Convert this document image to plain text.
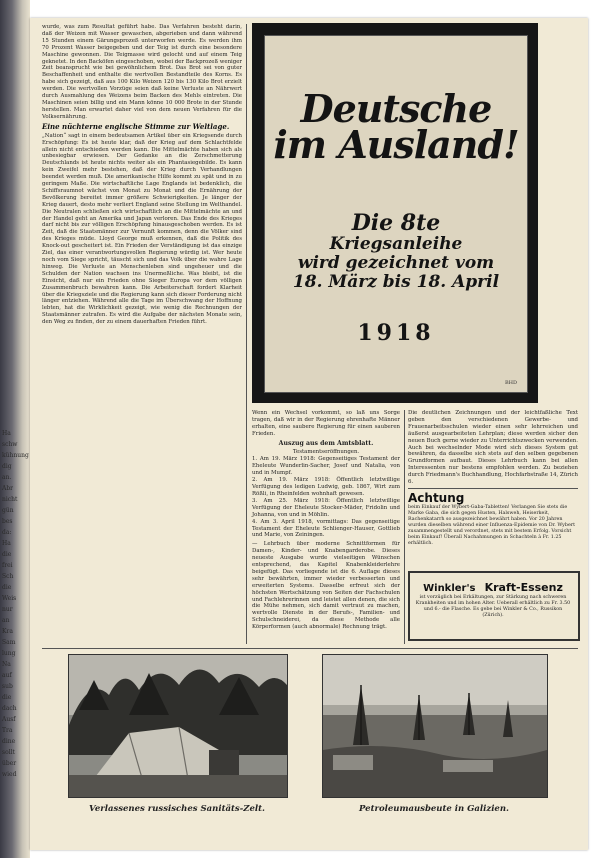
Ha
schw
kühnung
dig
an.
Abr
nicht
gün
bes
da:
Ha
die
frei
Sch
die
Weis
nur
an
Kra
Sam
lung
Na
auf
sub
die
dach
Ausf
Tra
dine
sollt
über
wied

wurde, was zum Resultat geführt habe. Das Verfahren besteht darin, daß der Weizen mit Wasser gewaschen, abgerieben und dann während 15 Stunden einem Gärungsprozeß unterworfen werde. Es werden ihm 70 Prozent Wasser beigegeben und der Teig ist durch eine besondere Maschine gewonnen. Die Teigmasse wird gelocht und auf einem Teig geknetet. In den Backöfen eingeschoben, wobei der Backprozeß weniger Zeit beansprucht wie bei gewöhnlichem Brot. Das Brot sei von guter Beschaffenheit und enthalte die wertvollen Bestandteile des Korns. Es habe sich gezeigt, daß aus 100 Kilo Weizen 120 bis 130 Kilo Brot erzielt werden. Die wertvollen Vorzüge seien daß keine Verluste an Nährwert durch Ausmahlung des Weizens beim Backen des Mehls eintreten. Die Maschinen seien billig und ein Mann könne 10 000 Brote in der Stunde herstellen. Man erwartet daher viel von dem neuen Verfahren für die Volksernährung.

Eine nüchterne englische Stimme zur Weltlage.

„Nation“ sagt in einem bedeutsamen Artikel über ein Kriegsende durch Erschöpfung: Es ist heute klar, daß der Krieg auf dem Schlachtfelde allein nicht entschieden werden kann. Die Mittelmächte haben sich als unbesiegbar erwiesen. Der Gedanke an die Zerschmetterung Deutschlands ist heute nichts weiter als ein Phantasiegebilde. Es kann kein Zweifel mehr bestehen, daß der Krieg durch Verhandlungen beendet werden muß. Die amerikanische Hilfe kommt zu spät und in zu geringem Maße. Die wirtschaftliche Lage Englands ist bedenklich, die Schiffsraumnot wächst von Monat zu Monat und die Ernährung der Bevölkerung bereitet immer größere Schwierigkeiten. Je länger der Krieg dauert, desto mehr verliert England seine Stellung im Welthandel. Die Neutralen schließen sich wirtschaftlich an die Mittelmächte an und der Handel geht an Amerika und Japan verloren. Das Ende des Krieges darf nicht bis zur völligen Erschöpfung hinausgeschoben werden. Es ist Zeit, daß die Staatsmänner zur Vernunft kommen, denn die Völker sind des Krieges müde. Lloyd George muß erkennen, daß die Politik des Knock-out gescheitert ist. Ein Frieden der Verständigung ist das einzige Ziel, das einer verantwortungsvollen Regierung würdig ist. Wer heute noch vom Siege spricht, täuscht sich und das Volk über die wahre Lage hinweg. Die Verluste an Menschenleben sind ungeheuer und die Schulden der Nation wachsen ins Unermeßliche. Was bleibt, ist die Einsicht, daß nur ein Frieden ohne Sieger Europa vor dem völligen Zusammenbruch bewahren kann. Die Arbeiterschaft fordert Klarheit über die Kriegsziele und die Regierung kann sich dieser Forderung nicht länger entziehen. Während alle die Tage im Überschwang der Hoffnung lebten, hat die Wirklichkeit gezeigt, wie wenig die Rechnungen der Staatsmänner zutrafen. Es wird die Aufgabe der nächsten Monate sein, den Weg zu finden, der zu einem dauerhaften Frieden führt.

Deutsche
im Ausland!
Die 8te
Kriegsanleihe
wird gezeichnet vom
18. März bis 18. April
1918
BHD

Wenn ein Wechsel vorkommt, so laß uns Sorge tragen, daß wir in der Regierung ehrenhafte Männer erhalten, eine saubere Regierung für einen sauberen Frieden.

Auszug aus dem Amtsblatt.
Testamentseröffnungen.

1. Am 19. März 1918: Gegenseitiges Testament der Eheleute Wunderlin-Sacher, Josef und Natalia, von und in Mumpf.

2. Am 19. März 1918: Öffentlich letztwillige Verfügung des ledigen Ludwig, geb. 1867, Wirt zum Rößli, in Rheinfelden wohnhaft gewesen.

3. Am 25. März 1918: Öffentlich letztwillige Verfügung der Eheleute Stocker-Mäder, Fridolin und Johanna, von und in Möhlin.

4. Am 3. April 1918, vormittags: Das gegenseitige Testament der Eheleute Schlienger-Hauser, Gottlieb und Marie, von Zeiningen.

— Lehrbuch über moderne Schnittformen für Damen-, Kinder- und Knabengarderobe. Dieses neueste Ausgabe wurde vielseitigen Wünschen entsprechend, das Kapitel Knabenkleiderlehre beigefügt. Das vorliegende ist die 6. Auflage dieses sehr bewährten, immer wieder verbesserten und erweiterten Systems. Dasselbe erfreut sich der höchsten Wertschätzung von Seiten der Fachschulen und Fachlehrerinnen und leistet allen denen, die sich die Mühe nehmen, sich damit vertraut zu machen, wertvolle Dienste in der Berufs-, Familien- und Schulschneiderei, da diese Methode alle Körperformen (auch abnormale) Rechnung trägt.

Die deutlichen Zeichnungen und der leichtfaßliche Text geben den verschiedenen Gewerbe- und Frauenarbeitsschulen wieder einen sehr lehrreichen und äußerst ausgearbeiteten Lehrplan; diese werden sicher den neuen Buch gerne wieder zu Unterrichtszwecken verwenden. Auch bei wechselnder Mode wird sich dieses System gut bewähren, da dasselbe sich stets auf den selben gegebenen Grundformen aufbaut. Dieses Lehrbuch kann bei allen Interessenten nur bestens empfohlen werden. Zu beziehen durch Friedmann's Buchhandlung, Hochfarbstraße 14, Zürich 6.

Achtung
beim Einkauf der Wybert-Gaba-Tabletten! Verlangen Sie stets die Marke Gaba, die sich gegen Husten, Halsweh, Heiserkeit, Rachenkatarrh so ausgezeichnet bewährt haben. Vor 20 Jahren wurden dieselben während einer Influenza-Epidemie von Dr. Wybert zusammengestellt und verordnet, stets mit bestem Erfolg. Vorsicht beim Einkauf! Überall Nachahmungen in Schachteln à Fr. 1.25 erhältlich.
Winkler's Kraft-Essenz
ist vorzüglich bei Erkältungen, zur Stärkung nach schweren Krankheiten und im hohen Alter. Ueberall erhältlich zu Fr. 3.50 und 6.- die Flasche. Es gebe bei Winkler & Co., Russikon (Zürich).
Verlassenes russisches Sanitäts-Zelt.	Petroleumausbeute in Galizien.
